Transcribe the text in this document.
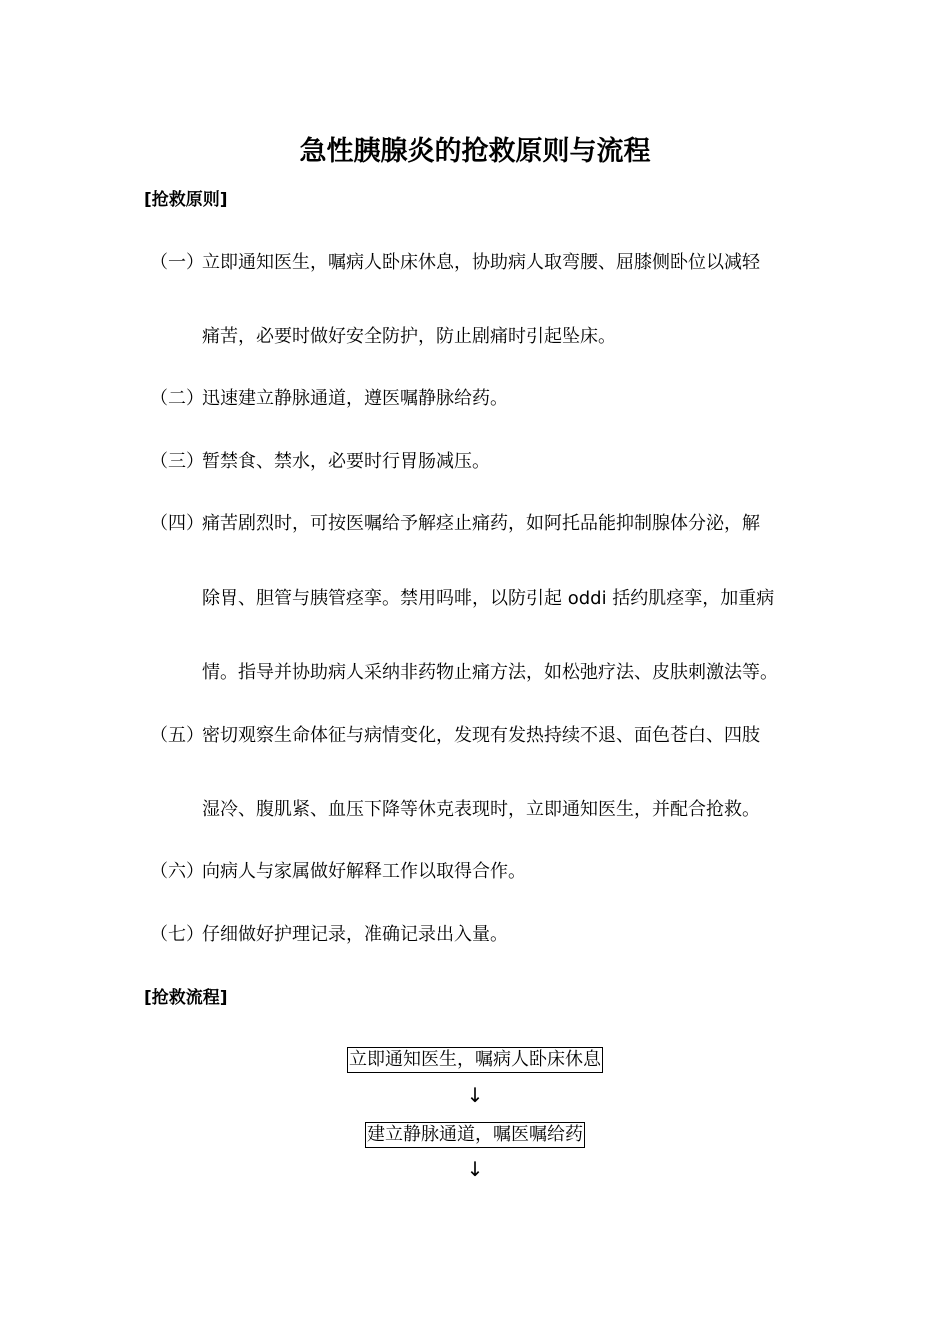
急性胰腺炎的抢救原则与流程
[抢救原则]
（一）
立即通知医生，嘱病人卧床休息，协助病人取弯腰、屈膝侧卧位以减轻
痛苦，必要时做好安全防护，防止剧痛时引起坠床。
（二）
迅速建立静脉通道，遵医嘱静脉给药。
（三）
暂禁食、禁水，必要时行胃肠减压。
（四）
痛苦剧烈时，可按医嘱给予解痉止痛药，如阿托品能抑制腺体分泌，解
除胃、胆管与胰管痉挛。禁用吗啡，以防引起 oddi 括约肌痉挛，加重病
情。指导并协助病人采纳非药物止痛方法，如松弛疗法、皮肤刺激法等。
（五）
密切观察生命体征与病情变化，发现有发热持续不退、面色苍白、四肢
湿冷、腹肌紧、血压下降等休克表现时，立即通知医生，并配合抢救。
（六）
向病人与家属做好解释工作以取得合作。
（七）
仔细做好护理记录，准确记录出入量。
[抢救流程]
立即通知医生，嘱病人卧床休息
↓
建立静脉通道，嘱医嘱给药
↓
